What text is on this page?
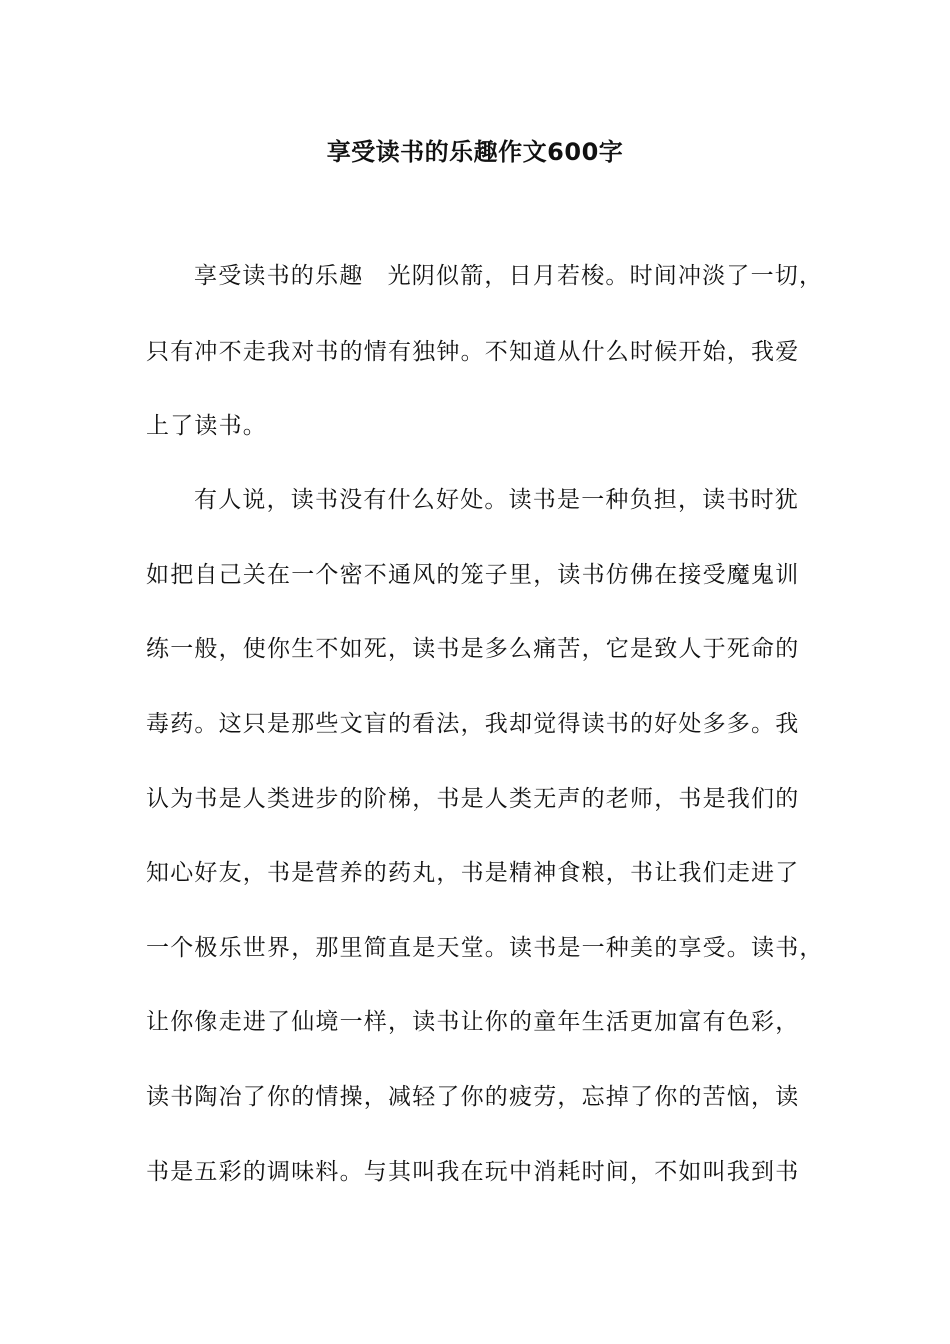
享受读书的乐趣作文600字
享受读书的乐趣　光阴似箭，日月若梭。时间冲淡了一切，
只有冲不走我对书的情有独钟。不知道从什么时候开始，我爱
上了读书。
有人说，读书没有什么好处。读书是一种负担，读书时犹
如把自己关在一个密不通风的笼子里，读书仿佛在接受魔鬼训
练一般，使你生不如死，读书是多么痛苦，它是致人于死命的
毒药。这只是那些文盲的看法，我却觉得读书的好处多多。我
认为书是人类进步的阶梯，书是人类无声的老师，书是我们的
知心好友，书是营养的药丸，书是精神食粮，书让我们走进了
一个极乐世界，那里简直是天堂。读书是一种美的享受。读书，
让你像走进了仙境一样，读书让你的童年生活更加富有色彩，
读书陶冶了你的情操，减轻了你的疲劳，忘掉了你的苦恼，读
书是五彩的调味料。与其叫我在玩中消耗时间，不如叫我到书
